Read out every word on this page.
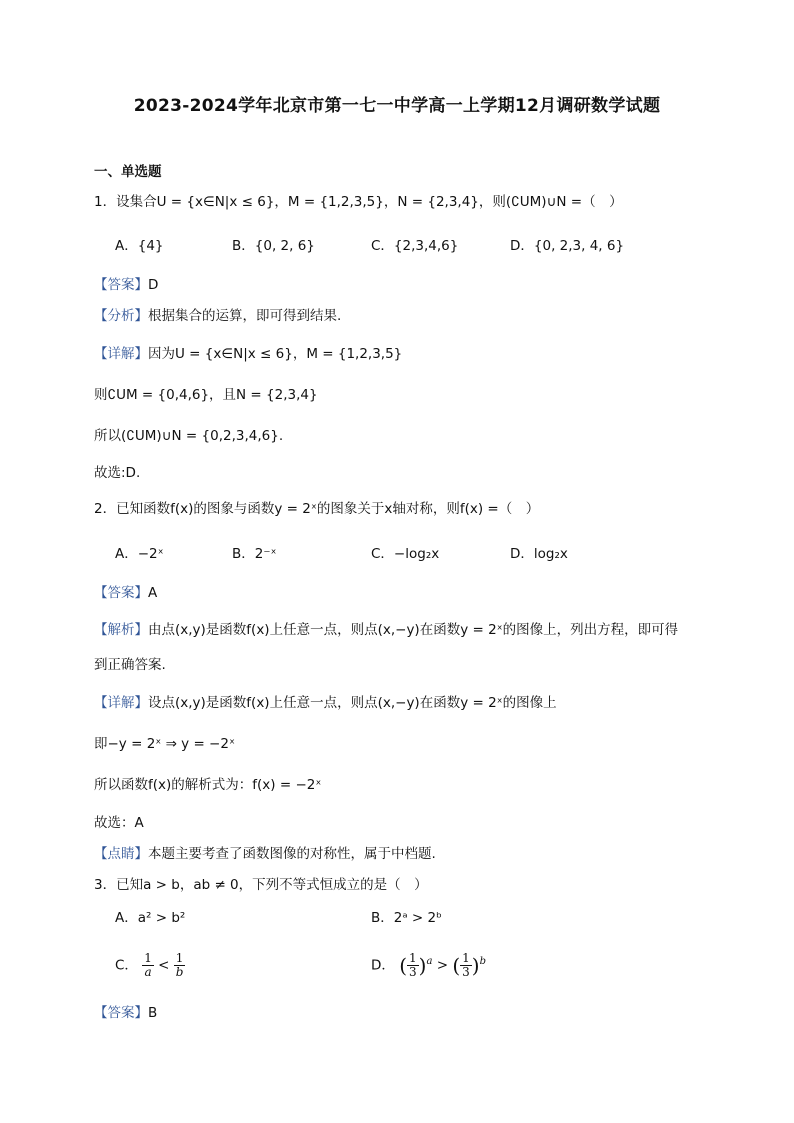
2023-2024学年北京市第一七一中学高一上学期12月调研数学试题
一、单选题
1．设集合U = {x∈N|x ≤ 6}，M = {1,2,3,5}，N = {2,3,4}，则(∁UM)∪N =（　）
A．{4}	B．{0, 2, 6}	C．{2,3,4,6}	D．{0, 2,3, 4, 6}
【答案】D
【分析】根据集合的运算，即可得到结果.
【详解】因为U = {x∈N|x ≤ 6}，M = {1,2,3,5}
则∁UM = {0,4,6}，且N = {2,3,4}
所以(∁UM)∪N = {0,2,3,4,6}.
故选:D.
2．已知函数f(x)的图象与函数y = 2ˣ的图象关于x轴对称，则f(x) =（　）
A．−2ˣ	B．2⁻ˣ	C．−log₂x	D．log₂x
【答案】A
【解析】由点(x,y)是函数f(x)上任意一点，则点(x,−y)在函数y = 2ˣ的图像上，列出方程，即可得
到正确答案.
【详解】设点(x,y)是函数f(x)上任意一点，则点(x,−y)在函数y = 2ˣ的图像上
即−y = 2ˣ ⇒ y = −2ˣ
所以函数f(x)的解析式为：f(x) = −2ˣ
故选：A
【点睛】本题主要考查了函数图像的对称性，属于中档题.
3．已知a > b，ab ≠ 0，下列不等式恒成立的是（　）
A．a² > b²	B．2ᵃ > 2ᵇ
C． $\frac{1}{a} < \frac{1}{b}$	D． ( $\frac{1}{3} )^a$ > ( $\frac{1}{3} )^b$
【答案】B
